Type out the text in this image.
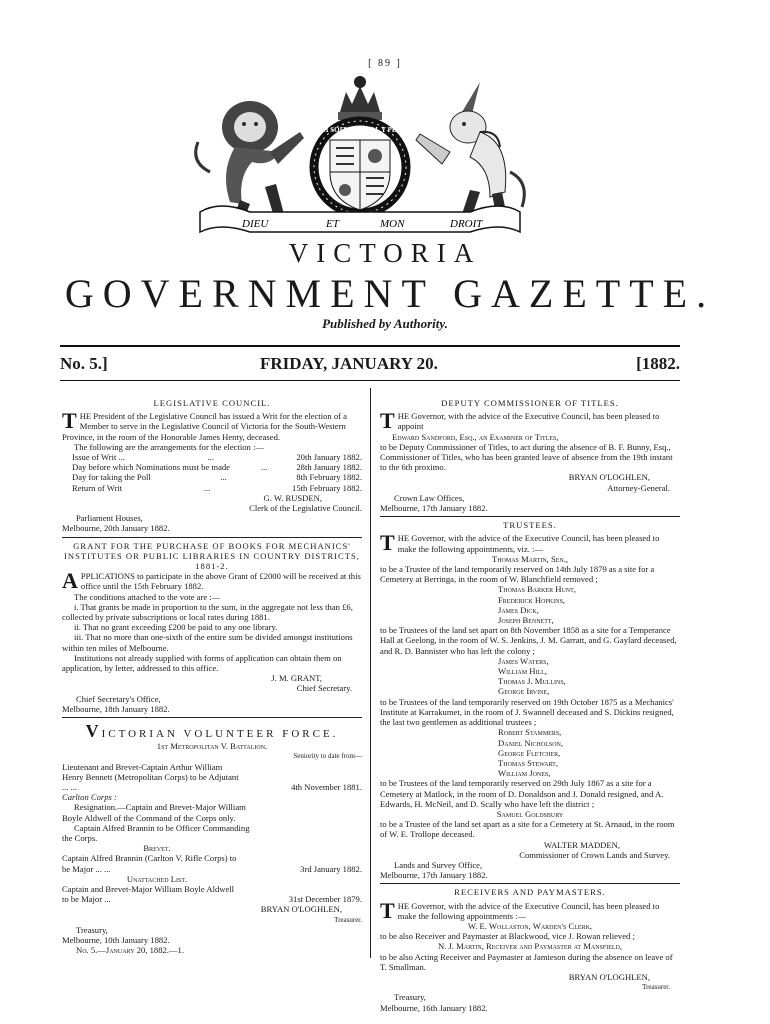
[ 89 ]
HONI SOIT QUI MAL Y PENSE
DIEU	ET	MON	DROIT
VICTORIA
GOVERNMENT GAZETTE.
Published by Authority.
No. 5.]	FRIDAY, JANUARY 20.	[1882.

LEGISLATIVE COUNCIL.

THE President of the Legislative Council has issued a Writ for the election of a Member to serve in the Legislative Council of Victoria for the South-Western Province, in the room of the Honorable James Henty, deceased.

The following are the arrangements for the election :—

Issue of Writ ...	...	20th January 1882.
Day before which Nominations must be made	...	28th January 1882.
Day for taking the Poll	...	8th February 1882.
Return of Writ	...	15th February 1882.

G. W. RUSDEN,

Clerk of the Legislative Council.

Parliament Houses,

Melbourne, 20th January 1882.

GRANT FOR THE PURCHASE OF BOOKS FOR MECHANICS' INSTITUTES OR PUBLIC LIBRARIES IN COUNTRY DISTRICTS, 1881-2.

APPLICATIONS to participate in the above Grant of £2000 will be received at this office until the 15th February 1882.

The conditions attached to the vote are :—

i. That grants be made in proportion to the sum, in the aggregate not less than £6, collected by private subscriptions or local rates during 1881.

ii. That no grant exceeding £200 be paid to any one library.

iii. That no more than one-sixth of the entire sum be divided amongst institutions within ten miles of Melbourne.

Institutions not already supplied with forms of application can obtain them on application, by letter, addressed to this office.

J. M. GRANT,

Chief Secretary.

Chief Secretary's Office,

Melbourne, 18th January 1882.

VICTORIAN VOLUNTEER FORCE.

1st Metropolitan V. Battalion.

Seniority to date from—

Lieutenant and Brevet-Captain Arthur William Henry Bennett (Metropolitan Corps) to be Adjutant ... ...	4th November 1881.

Carlton Corps :

Resignation.—Captain and Brevet-Major William Boyle Aldwell of the Command of the Corps only.

Captain Alfred Brannin to be Officer Commanding the Corps.

Brevet.

Captain Alfred Brannin (Carlton V. Rifle Corps) to be Major ... ...	3rd January 1882.

Unattached List.

Captain and Brevet-Major William Boyle Aldwell to be Major ...	31st December 1879.

BRYAN O'LOGHLEN,

Treasurer.

Treasury,

Melbourne, 10th January 1882.

No. 5.—January 20, 1882.—1.

DEPUTY COMMISSIONER OF TITLES.

THE Governor, with the advice of the Executive Council, has been pleased to appoint

Edward Sandford, Esq., an Examiner of Titles,

to be Deputy Commissioner of Titles, to act during the absence of B. F. Bunny, Esq., Commissioner of Titles, who has been granted leave of absence from the 19th instant to the 6th proximo.

BRYAN O'LOGHLEN,

Attorney-General.

Crown Law Offices,

Melbourne, 17th January 1882.

TRUSTEES.

THE Governor, with the advice of the Executive Council, has been pleased to make the following appointments, viz. :—

Thomas Martin, Sen.,

to be a Trustee of the land temporarily reserved on 14th July 1879 as a site for a Cemetery at Berringa, in the room of W. Blanchfield removed ;

Thomas Barker Hunt,

Frederick Hopkins,

James Dick,

Joseph Bennett,

to be Trustees of the land set apart on 8th November 1858 as a site for a Temperance Hall at Geelong, in the room of W. S. Jenkins, J. M. Garratt, and G. Gaylard deceased, and R. D. Bannister who has left the colony ;

James Waters,

William Hill,

Thomas J. Mullins,

George Irvine,

to be Trustees of the land temporarily reserved on 19th October 1875 as a Mechanics' Institute at Karrakumet, in the room of J. Swannell deceased and S. Dickins resigned, the last two gentlemen as additional trustees ;

Robert Stammers,

Daniel Nicholson,

George Fletcher,

Thomas Stewart,

William Jones,

to be Trustees of the land temporarily reserved on 29th July 1867 as a site for a Cemetery at Matlock, in the room of D. Donaldson and J. Donald resigned, and A. Edwards, H. McNeil, and D. Scally who have left the district ;

Samuel Goldsbury

to be a Trustee of the land set apart as a site for a Cemetery at St. Arnaud, in the room of W. E. Trollope deceased.

WALTER MADDEN,

Commissioner of Crown Lands and Survey.

Lands and Survey Office,

Melbourne, 17th January 1882.

RECEIVERS AND PAYMASTERS.

THE Governor, with the advice of the Executive Council, has been pleased to make the following appointments :—

W. E. Wollaston, Warden's Clerk,

to be also Receiver and Paymaster at Blackwood, vice J. Rowan relieved ;

N. J. Martin, Receiver and Paymaster at Mansfield,

to be also Acting Receiver and Paymaster at Jamieson during the absence on leave of T. Smallman.

BRYAN O'LOGHLEN,

Treasurer.

Treasury,

Melbourne, 16th January 1882.
